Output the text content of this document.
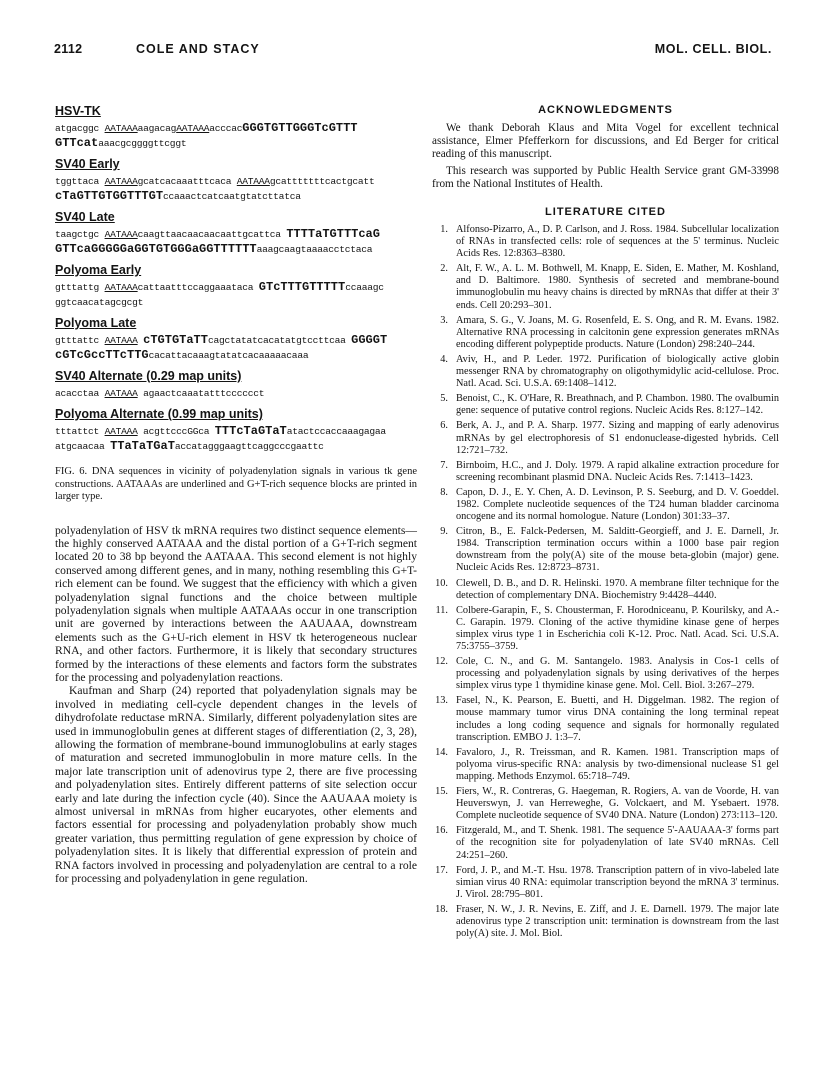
2112	COLE AND STACY	MOL. CELL. BIOL.
HSV-TK
atgacggc AATAAAaagacagAATAAAacccacGGGTGTTGGGTcGTTT
GTTcataaacgcggggttcggt
SV40 Early
tggttaca AATAAAgcatcacaaatttcaca AATAAAgcatttttttcactgcatt
cTaGTTGTGGTTTGTccaaactcatcaatgtatcttatca
SV40 Late
taagctgc AATAAAcaagttaacaacaacaattgcattca TTTTaTGTTTcaG
GTTcaGGGGGaGGTGTGGGaGGTTTTTTaaagcaagtaaaacctctaca
Polyoma Early
gtttattg AATAAAcattaatttccaggaaataca GTcTTTGTTTTTccaaagc
ggtcaacatagcgcgt
Polyoma Late
gtttattc AATAAA cTGTGTaTTcagctatatcacatatgtccttcaa GGGGT
cGTcGccTTcTTGcacattacaaagtatatcacaaaaacaaa
SV40 Alternate (0.29 map units)
acacctaa AATAAA agaactcaaatatttcccccct
Polyoma Alternate (0.99 map units)
tttattct AATAAA acgttcccGGca TTTcTaGTaTatactccaccaaagagaa
atgcaacaa TTaTaTGaTaccatagggaagttcaggcccgaattc
FIG. 6. DNA sequences in vicinity of polyadenylation signals in various tk gene constructions. AATAAAs are underlined and G+T-rich sequence blocks are printed in larger type.

polyadenylation of HSV tk mRNA requires two distinct sequence elements—the highly conserved AATAAA and the distal portion of a G+T-rich segment located 20 to 38 bp beyond the AATAAA. This second element is not highly conserved among different genes, and in many, nothing resembling this G+T-rich element can be found. We suggest that the efficiency with which a given polyadenylation signal functions and the choice between multiple polyadenylation signals when multiple AATAAAs occur in one transcription unit are governed by interactions between the AAUAAA, downstream elements such as the G+U-rich element in HSV tk heterogeneous nuclear RNA, and other factors. Furthermore, it is likely that secondary structures formed by the interactions of these elements and factors form the substrates for the processing and polyadenylation reactions.

Kaufman and Sharp (24) reported that polyadenylation signals may be involved in mediating cell-cycle dependent changes in the levels of dihydrofolate reductase mRNA. Similarly, different polyadenylation sites are used in immunoglobulin genes at different stages of differentiation (2, 3, 28), allowing the formation of membrane-bound immunoglobulins at early stages of maturation and secreted immunoglobulin in more mature cells. In the major late transcription unit of adenovirus type 2, there are five processing and polyadenylation sites. Entirely different patterns of site selection occur early and late during the infection cycle (40). Since the AAUAAA moiety is almost universal in mRNAs from higher eucaryotes, other elements and factors essential for processing and polyadenylation probably show much greater variation, thus permitting regulation of gene expression by choice of polyadenylation sites. It is likely that differential expression of protein and RNA factors involved in processing and polyadenylation are central to a role for processing and polyadenylation in gene regulation.

ACKNOWLEDGMENTS

We thank Deborah Klaus and Mita Vogel for excellent technical assistance, Elmer Pfefferkorn for discussions, and Ed Berger for critical reading of this manuscript.

This research was supported by Public Health Service grant GM-33998 from the National Institutes of Health.

LITERATURE CITED
1. Alfonso-Pizarro, A., D. P. Carlson, and J. Ross. 1984. Subcellular localization of RNAs in transfected cells: role of sequences at the 5' terminus. Nucleic Acids Res. 12:8363–8380.
2. Alt, F. W., A. L. M. Bothwell, M. Knapp, E. Siden, E. Mather, M. Koshland, and D. Baltimore. 1980. Synthesis of secreted and membrane-bound immunoglobulin mu heavy chains is directed by mRNAs that differ at their 3' ends. Cell 20:293–301.
3. Amara, S. G., V. Joans, M. G. Rosenfeld, E. S. Ong, and R. M. Evans. 1982. Alternative RNA processing in calcitonin gene expression generates mRNAs encoding different polypeptide products. Nature (London) 298:240–244.
4. Aviv, H., and P. Leder. 1972. Purification of biologically active globin messenger RNA by chromatography on oligothymidylic acid-cellulose. Proc. Natl. Acad. Sci. U.S.A. 69:1408–1412.
5. Benoist, C., K. O'Hare, R. Breathnach, and P. Chambon. 1980. The ovalbumin gene: sequence of putative control regions. Nucleic Acids Res. 8:127–142.
6. Berk, A. J., and P. A. Sharp. 1977. Sizing and mapping of early adenovirus mRNAs by gel electrophoresis of S1 endonuclease-digested hybrids. Cell 12:721–732.
7. Birnboim, H.C., and J. Doly. 1979. A rapid alkaline extraction procedure for screening recombinant plasmid DNA. Nucleic Acids Res. 7:1413–1423.
8. Capon, D. J., E. Y. Chen, A. D. Levinson, P. S. Seeburg, and D. V. Goeddel. 1982. Complete nucleotide sequences of the T24 human bladder carcinoma oncogene and its normal homologue. Nature (London) 301:33–37.
9. Citron, B., E. Falck-Pedersen, M. Salditt-Georgieff, and J. E. Darnell, Jr. 1984. Transcription termination occurs within a 1000 base pair region downstream from the poly(A) site of the mouse beta-globin (major) gene. Nucleic Acids Res. 12:8723–8731.
10. Clewell, D. B., and D. R. Helinski. 1970. A membrane filter technique for the detection of complementary DNA. Biochemistry 9:4428–4440.
11. Colbere-Garapin, F., S. Chousterman, F. Horodniceanu, P. Kourilsky, and A.-C. Garapin. 1979. Cloning of the active thymidine kinase gene of herpes simplex virus type 1 in Escherichia coli K-12. Proc. Natl. Acad. Sci. U.S.A. 75:3755–3759.
12. Cole, C. N., and G. M. Santangelo. 1983. Analysis in Cos-1 cells of processing and polyadenylation signals by using derivatives of the herpes simplex virus type 1 thymidine kinase gene. Mol. Cell. Biol. 3:267–279.
13. Fasel, N., K. Pearson, E. Buetti, and H. Diggelman. 1982. The region of mouse mammary tumor virus DNA containing the long terminal repeat includes a long coding sequence and signals for hormonally regulated transcription. EMBO J. 1:3–7.
14. Favaloro, J., R. Treissman, and R. Kamen. 1981. Transcription maps of polyoma virus-specific RNA: analysis by two-dimensional nuclease S1 gel mapping. Methods Enzymol. 65:718–749.
15. Fiers, W., R. Contreras, G. Haegeman, R. Rogiers, A. van de Voorde, H. van Heuverswyn, J. van Herreweghe, G. Volckaert, and M. Ysebaert. 1978. Complete nucleotide sequence of SV40 DNA. Nature (London) 273:113–120.
16. Fitzgerald, M., and T. Shenk. 1981. The sequence 5'-AAUAAA-3' forms part of the recognition site for polyadenylation of late SV40 mRNAs. Cell 24:251–260.
17. Ford, J. P., and M.-T. Hsu. 1978. Transcription pattern of in vivo-labeled late simian virus 40 RNA: equimolar transcription beyond the mRNA 3' terminus. J. Virol. 28:795–801.
18. Fraser, N. W., J. R. Nevins, E. Ziff, and J. E. Darnell. 1979. The major late adenovirus type 2 transcription unit: termination is downstream from the last poly(A) site. J. Mol. Biol.
